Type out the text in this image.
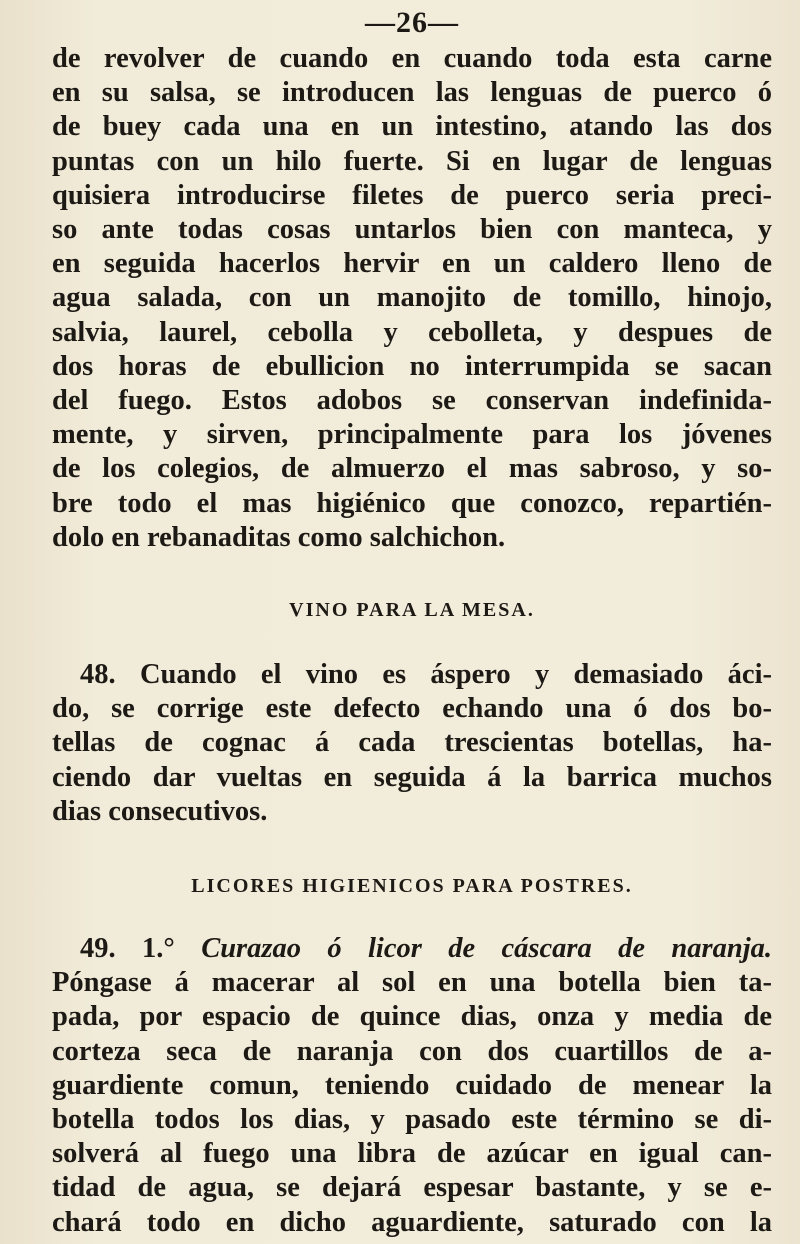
—26—
de revolver de cuando en cuando toda esta carne
en su salsa, se introducen las lenguas de puerco ó
de buey cada una en un intestino, atando las dos
puntas con un hilo fuerte. Si en lugar de lenguas
quisiera introducirse filetes de puerco seria preci-
so ante todas cosas untarlos bien con manteca, y
en seguida hacerlos hervir en un caldero lleno de
agua salada, con un manojito de tomillo, hinojo,
salvia, laurel, cebolla y cebolleta, y despues de
dos horas de ebullicion no interrumpida se sacan
del fuego. Estos adobos se conservan indefinida-
mente, y sirven, principalmente para los jóvenes
de los colegios, de almuerzo el mas sabroso, y so-
bre todo el mas higiénico que conozco, repartién-
dolo en rebanaditas como salchichon.
VINO PARA LA MESA.
48. Cuando el vino es áspero y demasiado áci-
do, se corrige este defecto echando una ó dos bo-
tellas de cognac á cada trescientas botellas, ha-
ciendo dar vueltas en seguida á la barrica muchos
dias consecutivos.
LICORES HIGIENICOS PARA POSTRES.
49. 1.° Curazao ó licor de cáscara de naranja.
Póngase á macerar al sol en una botella bien ta-
pada, por espacio de quince dias, onza y media de
corteza seca de naranja con dos cuartillos de a-
guardiente comun, teniendo cuidado de menear la
botella todos los dias, y pasado este término se di-
solverá al fuego una libra de azúcar en igual can-
tidad de agua, se dejará espesar bastante, y se e-
chará todo en dicho aguardiente, saturado con la
